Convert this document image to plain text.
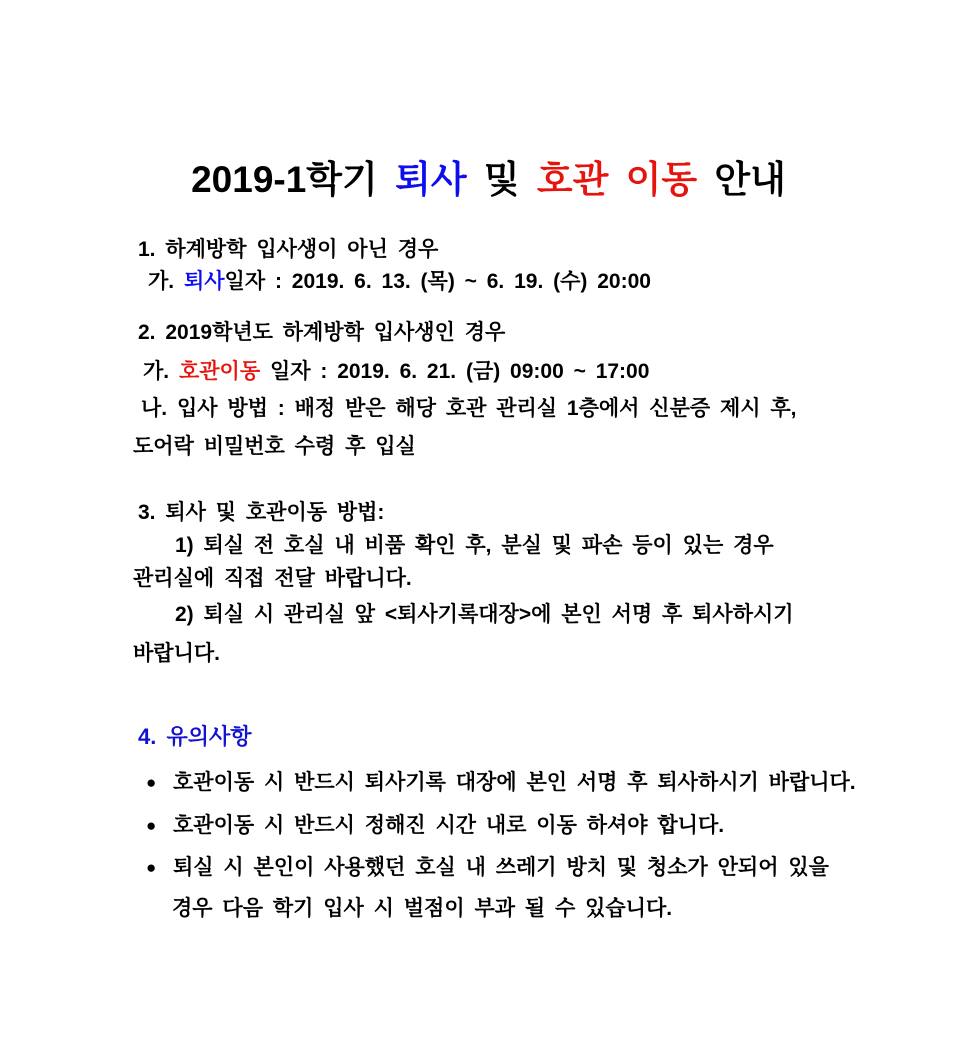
2019-1학기 퇴사 및 호관 이동 안내
1. 하계방학 입사생이 아닌 경우
가. 퇴사일자 : 2019. 6. 13. (목) ~ 6. 19. (수) 20:00
2. 2019학년도 하계방학 입사생인 경우
가. 호관이동 일자 : 2019. 6. 21. (금) 09:00 ~ 17:00
나. 입사 방법 : 배정 받은 해당 호관 관리실 1층에서 신분증 제시 후,
도어락 비밀번호 수령 후 입실
3. 퇴사 및 호관이동 방법:
1) 퇴실 전 호실 내 비품 확인 후, 분실 및 파손 등이 있는 경우
관리실에 직접 전달 바랍니다.
2) 퇴실 시 관리실 앞 <퇴사기록대장>에 본인 서명 후 퇴사하시기
바랍니다.
4. 유의사항
● 호관이동 시 반드시 퇴사기록 대장에 본인 서명 후 퇴사하시기 바랍니다.
● 호관이동 시 반드시 정해진 시간 내로 이동 하셔야 합니다.
● 퇴실 시 본인이 사용했던 호실 내 쓰레기 방치 및 청소가 안되어 있을
경우 다음 학기 입사 시 벌점이 부과 될 수 있습니다.
